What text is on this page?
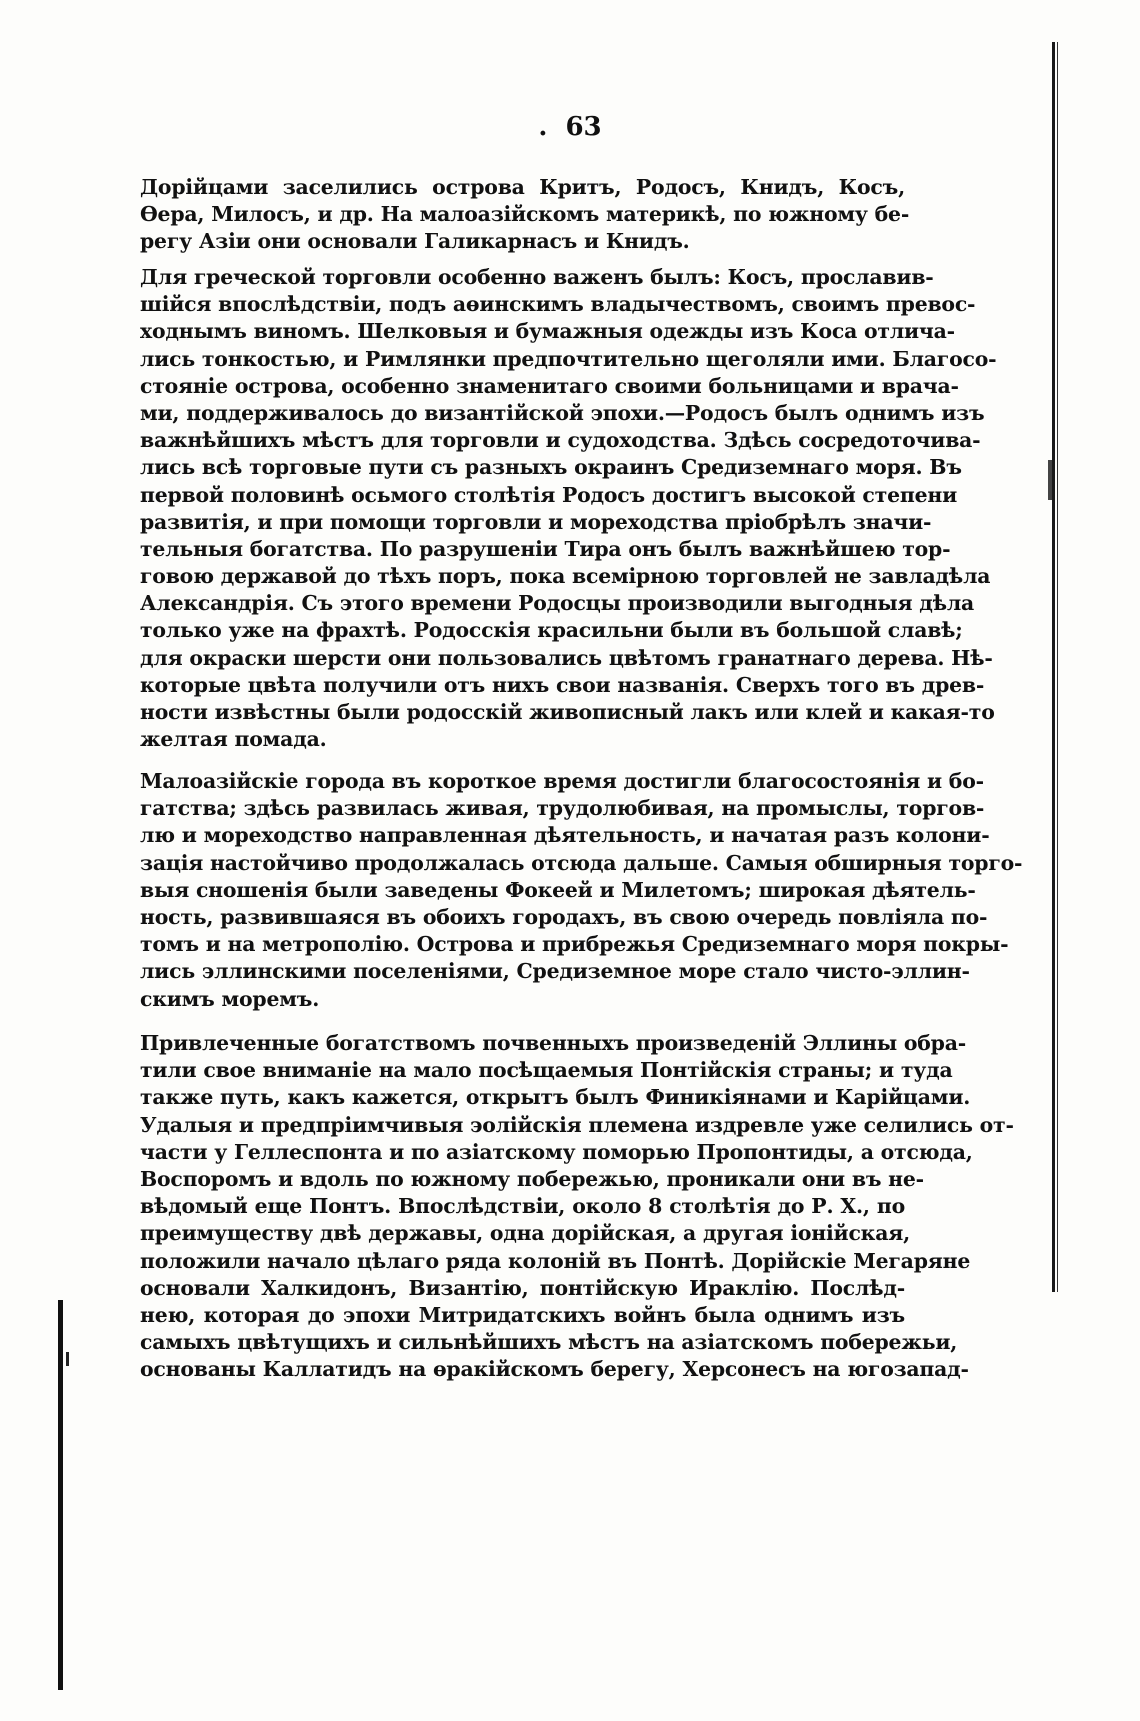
. 63
Дорійцами заселились острова Критъ, Родосъ, Книдъ, Косъ,
Өера, Милосъ, и др. На малоазійскомъ материкѣ, по южному бе-
регу Азіи они основали Галикарнасъ и Книдъ.
Для греческой торговли особенно важенъ былъ: Косъ, прославив-
шійся впослѣдствіи, подъ аөинскимъ владычествомъ, своимъ превос-
ходнымъ виномъ. Шелковыя и бумажныя одежды изъ Коса отлича-
лись тонкостью, и Римлянки предпочтительно щеголяли ими. Благосо-
стояніе острова, особенно знаменитаго своими больницами и врача-
ми, поддерживалось до византійской эпохи.—Родосъ былъ однимъ изъ
важнѣйшихъ мѣстъ для торговли и судоходства. Здѣсь сосредоточива-
лись всѣ торговые пути съ разныхъ окраинъ Средиземнаго моря. Въ
первой половинѣ осьмого столѣтія Родосъ достигъ высокой степени
развитія, и при помощи торговли и мореходства пріобрѣлъ значи-
тельныя богатства. По разрушеніи Тира онъ былъ важнѣйшею тор-
говою державой до тѣхъ поръ, пока всемірною торговлей не завладѣла
Александрія. Съ этого времени Родосцы производили выгодныя дѣла
только уже на фрахтѣ. Родосскія красильни были въ большой славѣ;
для окраски шерсти они пользовались цвѣтомъ гранатнаго дерева. Нѣ-
которые цвѣта получили отъ нихъ свои названія. Сверхъ того въ древ-
ности извѣстны были родосскій живописный лакъ или клей и какая-то
желтая помада.
Малоазійскіе города въ короткое время достигли благосостоянія и бо-
гатства; здѣсь развилась живая, трудолюбивая, на промыслы, торгов-
лю и мореходство направленная дѣятельность, и начатая разъ колони-
зація настойчиво продолжалась отсюда дальше. Самыя обширныя торго-
выя сношенія были заведены Фокеей и Милетомъ; широкая дѣятель-
ность, развившаяся въ обоихъ городахъ, въ свою очередь повліяла по-
томъ и на метрополію. Острова и прибрежья Средиземнаго моря покры-
лись эллинскими поселеніями, Средиземное море стало чисто-эллин-
скимъ моремъ.
Привлеченные богатствомъ почвенныхъ произведеній Эллины обра-
тили свое вниманіе на мало посѣщаемыя Понтійскія страны; и туда
также путь, какъ кажется, открытъ былъ Финикіянами и Карійцами.
Удалыя и предпріимчивыя эолійскія племена издревле уже селились от-
части у Геллеспонта и по азіатскому поморью Пропонтиды, а отсюда,
Воспоромъ и вдоль по южному побережью, проникали они въ не-
вѣдомый еще Понтъ. Впослѣдствіи, около 8 столѣтія до Р. Х., по
преимуществу двѣ державы, одна дорійская, а другая іонійская,
положили начало цѣлаго ряда колоній въ Понтѣ. Дорійскіе Мегаряне
основали Халкидонъ, Византію, понтійскую Ираклію. Послѣд-
нею, которая до эпохи Митридатскихъ войнъ была однимъ изъ
самыхъ цвѣтущихъ и сильнѣйшихъ мѣстъ на азіатскомъ побережьи,
основаны Каллатидъ на өракійскомъ берегу, Херсонесъ на югозапад-
